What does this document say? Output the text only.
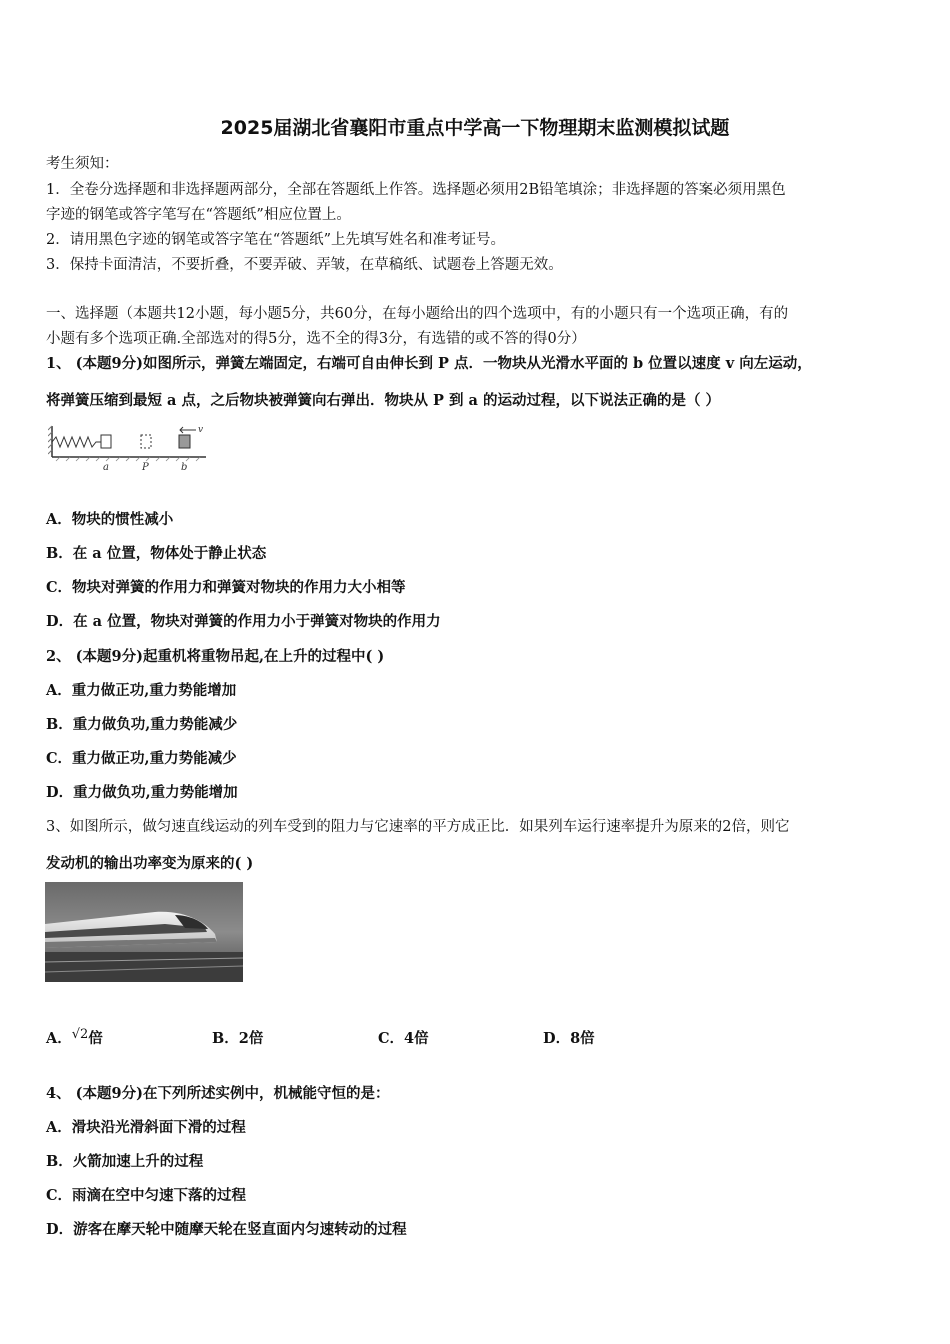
2025届湖北省襄阳市重点中学高一下物理期末监测模拟试题
考生须知：
1．全卷分选择题和非选择题两部分，全部在答题纸上作答。选择题必须用2B铅笔填涂；非选择题的答案必须用黑色
字迹的钢笔或答字笔写在“答题纸”相应位置上。
2．请用黑色字迹的钢笔或答字笔在“答题纸”上先填写姓名和准考证号。
3．保持卡面清洁，不要折叠，不要弄破、弄皱，在草稿纸、试题卷上答题无效。
一、选择题（本题共12小题，每小题5分，共60分，在每小题给出的四个选项中，有的小题只有一个选项正确，有的
小题有多个选项正确.全部选对的得5分，选不全的得3分，有选错的或不答的得0分）
1、 (本题9分)如图所示，弹簧左端固定，右端可自由伸长到 P 点．一物块从光滑水平面的 b 位置以速度 v 向左运动，
将弹簧压缩到最短 a 点，之后物块被弹簧向右弹出．物块从 P 到 a 的运动过程，以下说法正确的是（ ）
v
a	P	b
A．物块的惯性减小
B．在 a 位置，物体处于静止状态
C．物块对弹簧的作用力和弹簧对物块的作用力大小相等
D．在 a 位置，物块对弹簧的作用力小于弹簧对物块的作用力
2、 (本题9分)起重机将重物吊起,在上升的过程中( )
A．重力做正功,重力势能增加
B．重力做负功,重力势能减少
C．重力做正功,重力势能减少
D．重力做负功,重力势能增加
3、如图所示，做匀速直线运动的列车受到的阻力与它速率的平方成正比．如果列车运行速率提升为原来的2倍，则它
发动机的输出功率变为原来的( )
A．√2倍	B．2倍	C．4倍	D．8倍
4、 (本题9分)在下列所述实例中，机械能守恒的是：
A．滑块沿光滑斜面下滑的过程
B．火箭加速上升的过程
C．雨滴在空中匀速下落的过程
D．游客在摩天轮中随摩天轮在竖直面内匀速转动的过程
